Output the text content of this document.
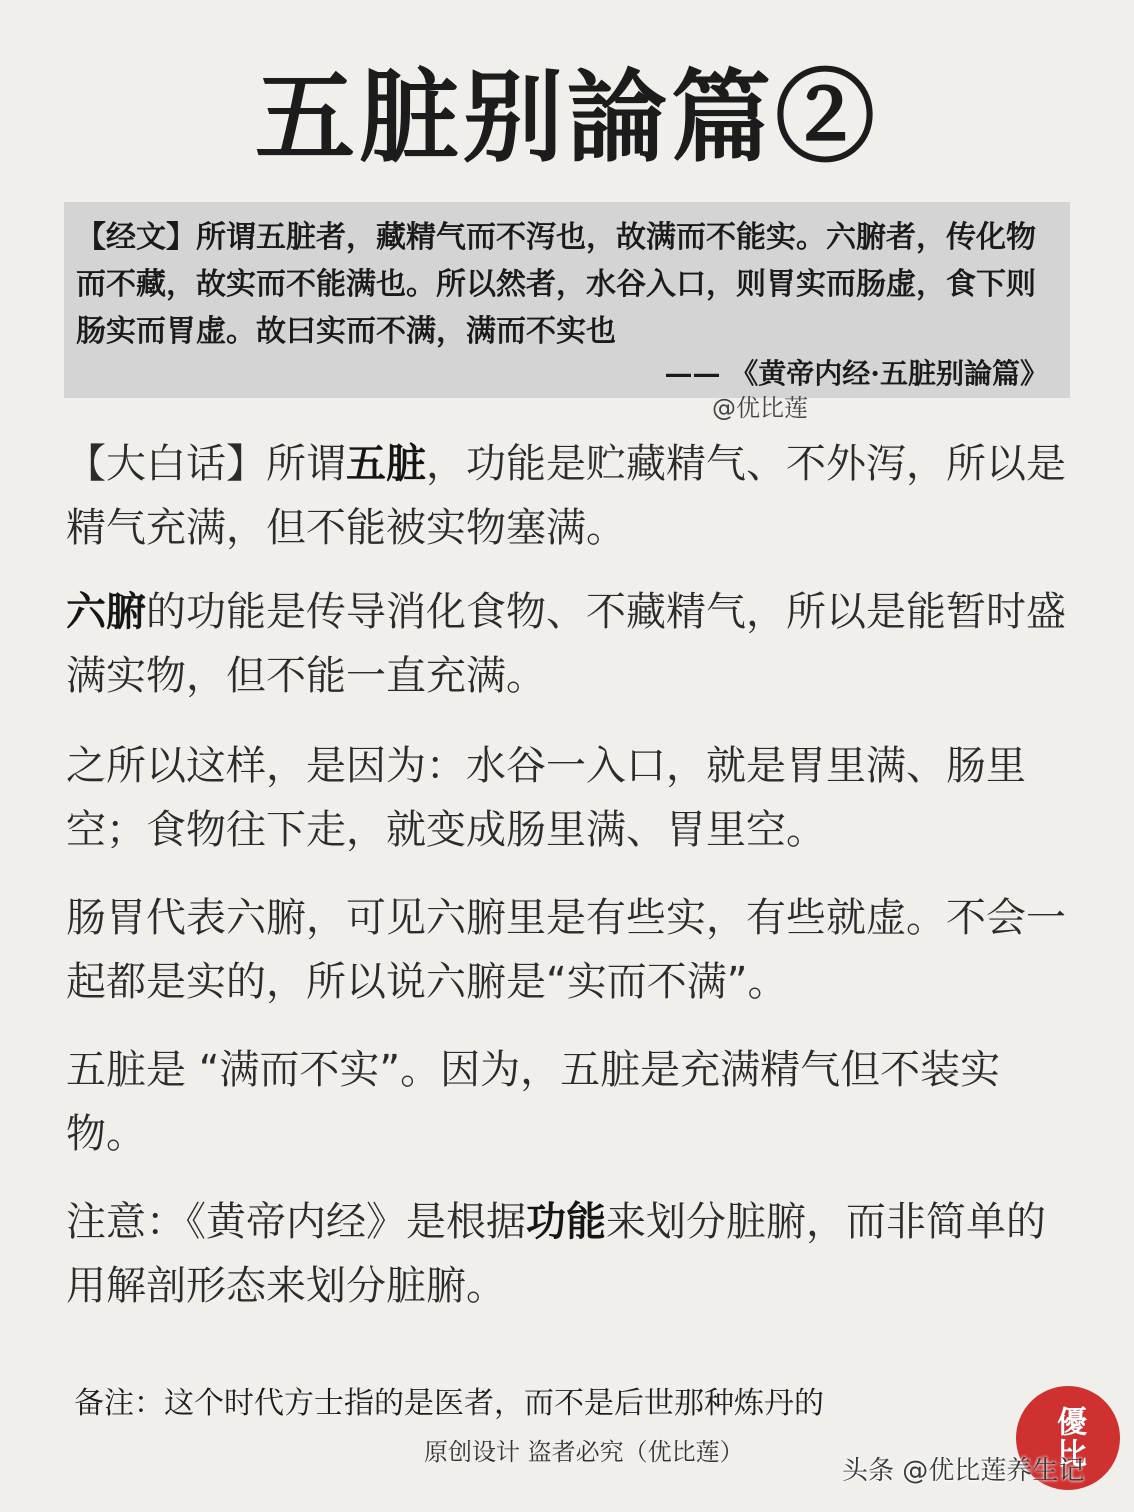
五脏别論篇②
【经文】所谓五脏者，藏精气而不泻也，故满而不能实。六腑者，传化物而不藏，故实而不能满也。所以然者，水谷入口，则胃实而肠虚，食下则肠实而胃虚。故曰实而不满，满而不实也
—— 《黄帝内经·五脏别論篇》
@优比莲
【大白话】所谓五脏，功能是贮藏精气、不外泻，所以是精气充满，但不能被实物塞满。
六腑的功能是传导消化食物、不藏精气，所以是能暂时盛满实物，但不能一直充满。
之所以这样，是因为：水谷一入口，就是胃里满、肠里空；食物往下走，就变成肠里满、胃里空。
肠胃代表六腑，可见六腑里是有些实，有些就虚。不会一起都是实的，所以说六腑是“实而不满”。
五脏是 “满而不实”。因为，五脏是充满精气但不装实物。
注意：《黄帝内经》是根据功能来划分脏腑，而非简单的用解剖形态来划分脏腑。
备注：这个时代方士指的是医者，而不是后世那种炼丹的
原创设计 盗者必究（优比莲）	優比
头条 @优比莲养生记
